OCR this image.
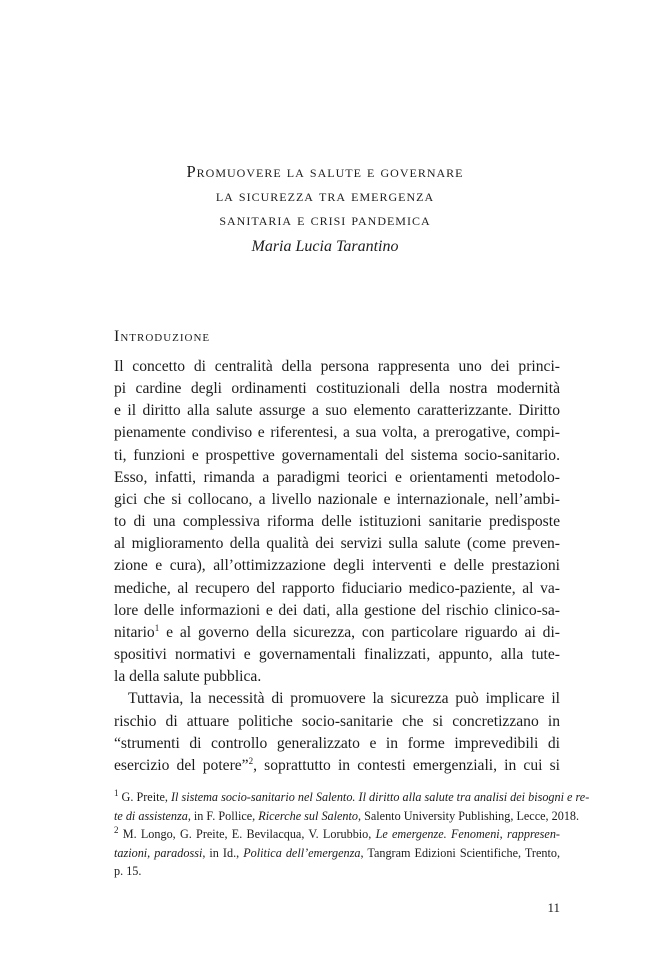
Promuovere la salute e governare
la sicurezza tra emergenza
sanitaria e crisi pandemica
Maria Lucia Tarantino
Introduzione
Il concetto di centralità della persona rappresenta uno dei princi-
pi cardine degli ordinamenti costituzionali della nostra modernità
e il diritto alla salute assurge a suo elemento caratterizzante. Diritto
pienamente condiviso e riferentesi, a sua volta, a prerogative, compi-
ti, funzioni e prospettive governamentali del sistema socio-sanitario.
Esso, infatti, rimanda a paradigmi teorici e orientamenti metodolo-
gici che si collocano, a livello nazionale e internazionale, nell’ambi-
to di una complessiva riforma delle istituzioni sanitarie predisposte
al miglioramento della qualità dei servizi sulla salute (come preven-
zione e cura), all’ottimizzazione degli interventi e delle prestazioni
mediche, al recupero del rapporto fiduciario medico-paziente, al va-
lore delle informazioni e dei dati, alla gestione del rischio clinico-sa-
nitario$^1$ e al governo della sicurezza, con particolare riguardo ai di-
spositivi normativi e governamentali finalizzati, appunto, alla tute-
la della salute pubblica.
Tuttavia, la necessità di promuovere la sicurezza può implicare il
rischio di attuare politiche socio-sanitarie che si concretizzano in
“strumenti di controllo generalizzato e in forme imprevedibili di
esercizio del potere”$^2$, soprattutto in contesti emergenziali, in cui si
$^1$ G. Preite, Il sistema socio-sanitario nel Salento. Il diritto alla salute tra analisi dei bisogni e re-
te di assistenza, in F. Pollice, Ricerche sul Salento, Salento University Publishing, Lecce, 2018.
$^2$ M. Longo, G. Preite, E. Bevilacqua, V. Lorubbio, Le emergenze. Fenomeni, rappresen-
tazioni, paradossi, in Id., Politica dell’emergenza, Tangram Edizioni Scientifiche, Trento,
p. 15.
11
